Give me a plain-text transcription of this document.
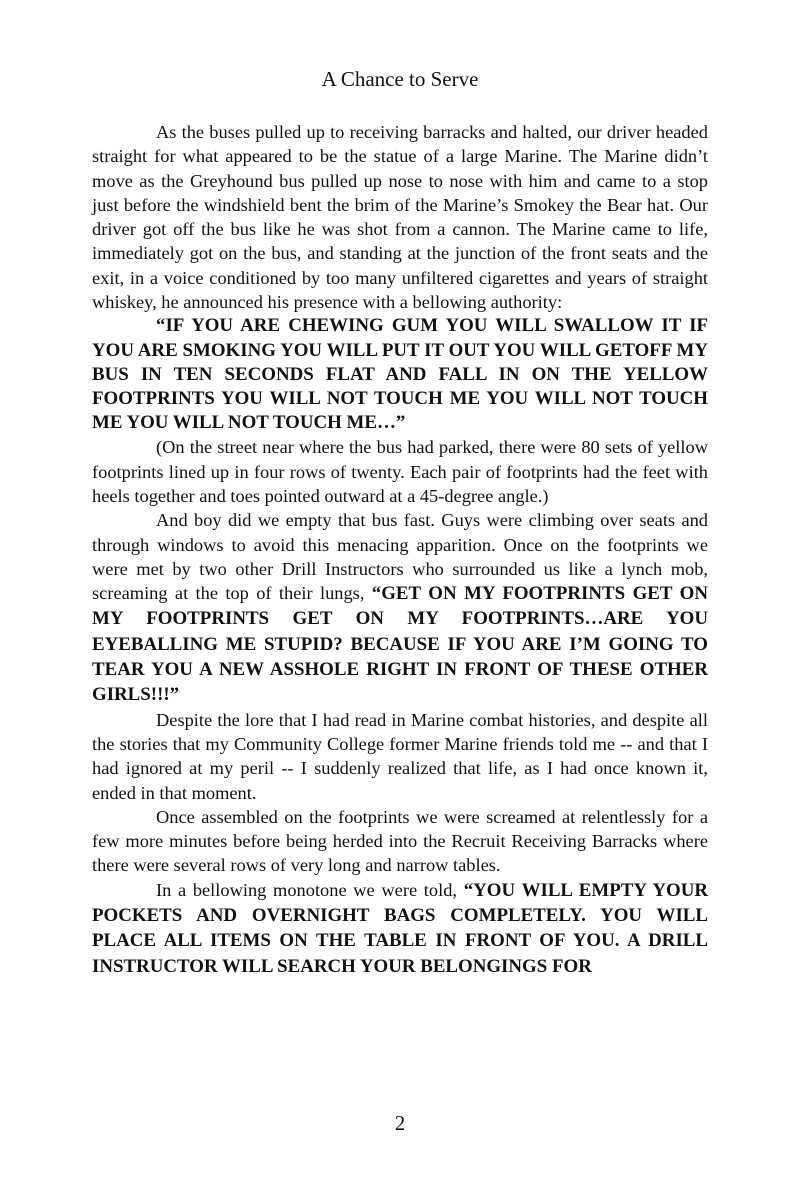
A Chance to Serve

As the buses pulled up to receiving barracks and halted, our driver headed straight for what appeared to be the statue of a large Marine. The Marine didn’t move as the Greyhound bus pulled up nose to nose with him and came to a stop just before the windshield bent the brim of the Marine’s Smokey the Bear hat. Our driver got off the bus like he was shot from a cannon. The Marine came to life, immediately got on the bus, and standing at the junction of the front seats and the exit, in a voice conditioned by too many unfiltered cigarettes and years of straight whiskey, he announced his presence with a bellowing authority:

“IF YOU ARE CHEWING GUM YOU WILL SWALLOW IT IF YOU ARE SMOKING YOU WILL PUT IT OUT YOU WILL GETOFF MY BUS IN TEN SECONDS FLAT AND FALL IN ON THE YELLOW FOOTPRINTS YOU WILL NOT TOUCH ME YOU WILL NOT TOUCH ME YOU WILL NOT TOUCH ME…”

(On the street near where the bus had parked, there were 80 sets of yellow footprints lined up in four rows of twenty. Each pair of footprints had the feet with heels together and toes pointed outward at a 45-degree angle.)

And boy did we empty that bus fast. Guys were climbing over seats and through windows to avoid this menacing apparition. Once on the footprints we were met by two other Drill Instructors who surrounded us like a lynch mob, screaming at the top of their lungs, “GET ON MY FOOTPRINTS GET ON MY FOOTPRINTS GET ON MY FOOTPRINTS…ARE YOU EYEBALLING ME STUPID? BECAUSE IF YOU ARE I’M GOING TO TEAR YOU A NEW ASSHOLE RIGHT IN FRONT OF THESE OTHER GIRLS!!!”

Despite the lore that I had read in Marine combat histories, and despite all the stories that my Community College former Marine friends told me -- and that I had ignored at my peril -- I suddenly realized that life, as I had once known it, ended in that moment.

Once assembled on the footprints we were screamed at relentlessly for a few more minutes before being herded into the Recruit Receiving Barracks where there were several rows of very long and narrow tables.

In a bellowing monotone we were told, “YOU WILL EMPTY YOUR POCKETS AND OVERNIGHT BAGS COMPLETELY. YOU WILL PLACE ALL ITEMS ON THE TABLE IN FRONT OF YOU. A DRILL INSTRUCTOR WILL SEARCH YOUR BELONGINGS FOR

2
